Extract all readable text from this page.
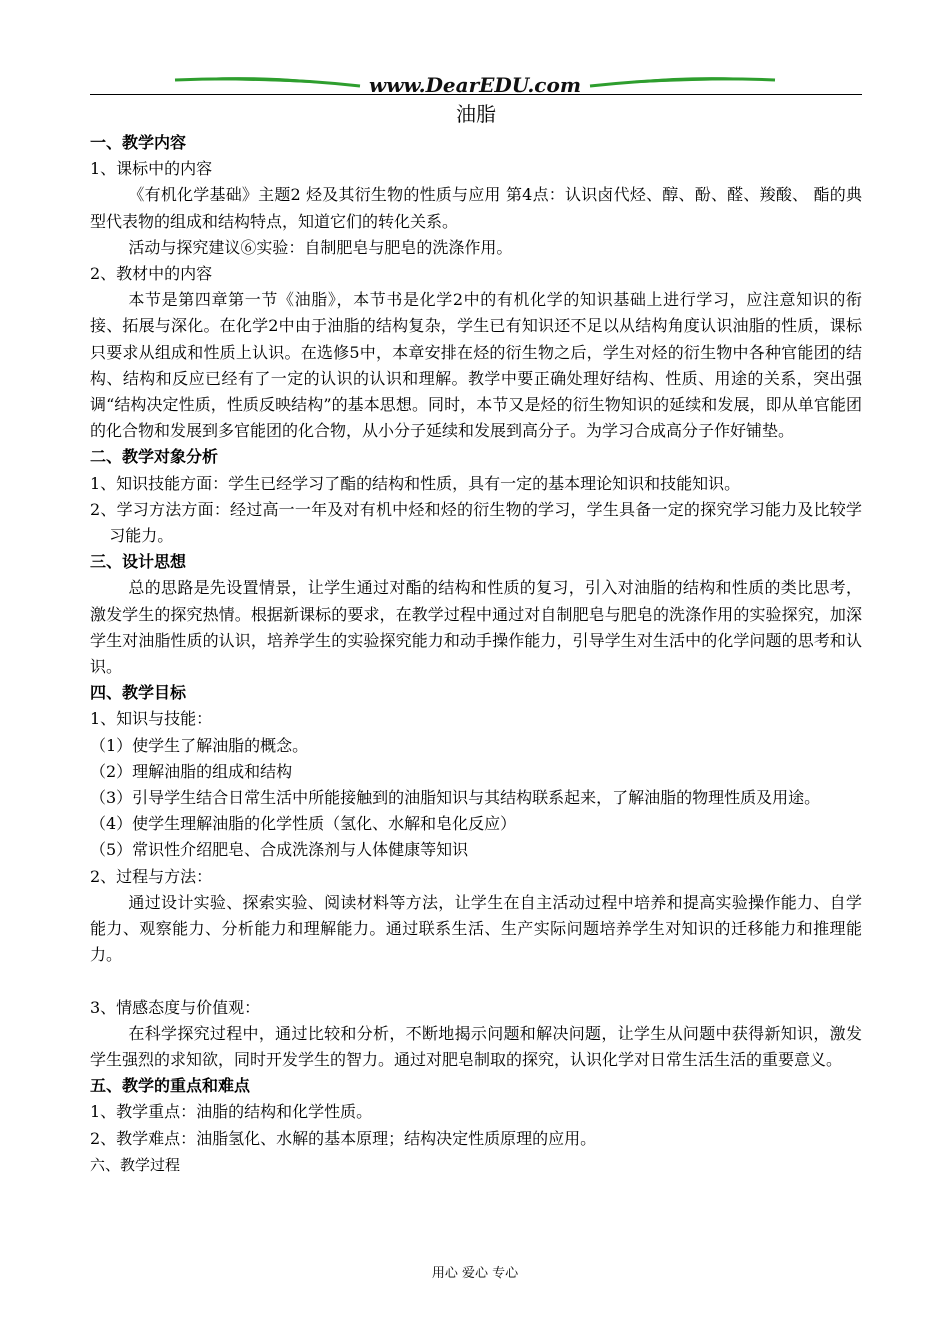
www.DearEDU.com

油脂

一、教学内容

1、课标中的内容

《有机化学基础》主题2 烃及其衍生物的性质与应用 第4点：认识卤代烃、醇、酚、醛、羧酸、 酯的典型代表物的组成和结构特点，知道它们的转化关系。

活动与探究建议⑥实验：自制肥皂与肥皂的洗涤作用。

2、教材中的内容

本节是第四章第一节《油脂》，本节书是化学2中的有机化学的知识基础上进行学习，应注意知识的衔接、拓展与深化。在化学2中由于油脂的结构复杂，学生已有知识还不足以从结构角度认识油脂的性质，课标只要求从组成和性质上认识。在选修5中，本章安排在烃的衍生物之后，学生对烃的衍生物中各种官能团的结构、结构和反应已经有了一定的认识的认识和理解。教学中要正确处理好结构、性质、用途的关系，突出强调“结构决定性质，性质反映结构”的基本思想。同时，本节又是烃的衍生物知识的延续和发展，即从单官能团的化合物和发展到多官能团的化合物，从小分子延续和发展到高分子。为学习合成高分子作好铺垫。

二、教学对象分析

1、知识技能方面：学生已经学习了酯的结构和性质，具有一定的基本理论知识和技能知识。

2、学习方法方面：经过高一一年及对有机中烃和烃的衍生物的学习，学生具备一定的探究学习能力及比较学习能力。

三、设计思想

总的思路是先设置情景，让学生通过对酯的结构和性质的复习，引入对油脂的结构和性质的类比思考，激发学生的探究热情。根据新课标的要求，在教学过程中通过对自制肥皂与肥皂的洗涤作用的实验探究，加深学生对油脂性质的认识，培养学生的实验探究能力和动手操作能力，引导学生对生活中的化学问题的思考和认识。

四、教学目标

1、知识与技能：

（1）使学生了解油脂的概念。

（2）理解油脂的组成和结构

（3）引导学生结合日常生活中所能接触到的油脂知识与其结构联系起来，了解油脂的物理性质及用途。

（4）使学生理解油脂的化学性质（氢化、水解和皂化反应）

（5）常识性介绍肥皂、合成洗涤剂与人体健康等知识

2、过程与方法：

通过设计实验、探索实验、阅读材料等方法，让学生在自主活动过程中培养和提高实验操作能力、自学能力、观察能力、分析能力和理解能力。通过联系生活、生产实际问题培养学生对知识的迁移能力和推理能力。

3、情感态度与价值观：

在科学探究过程中，通过比较和分析，不断地揭示问题和解决问题，让学生从问题中获得新知识，激发学生强烈的求知欲，同时开发学生的智力。通过对肥皂制取的探究，认识化学对日常生活生活的重要意义。

五、教学的重点和难点

1、教学重点：油脂的结构和化学性质。

2、教学难点：油脂氢化、水解的基本原理；结构决定性质原理的应用。

六、教学过程

用心 爱心 专心
